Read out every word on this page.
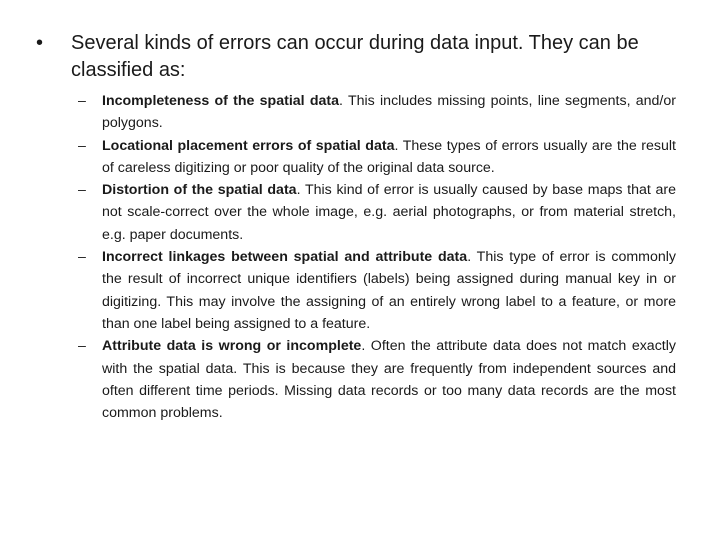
• Several kinds of errors can occur during data input. They can be classified as:
– Incompleteness of the spatial data. This includes missing points, line segments, and/or polygons.
– Locational placement errors of spatial data. These types of errors usually are the result of careless digitizing or poor quality of the original data source.
– Distortion of the spatial data. This kind of error is usually caused by base maps that are not scale-correct over the whole image, e.g. aerial photographs, or from material stretch, e.g. paper documents.
– Incorrect linkages between spatial and attribute data. This type of error is commonly the result of incorrect unique identifiers (labels) being assigned during manual key in or digitizing. This may involve the assigning of an entirely wrong label to a feature, or more than one label being assigned to a feature.
– Attribute data is wrong or incomplete. Often the attribute data does not match exactly with the spatial data. This is because they are frequently from independent sources and often different time periods. Missing data records or too many data records are the most common problems.
